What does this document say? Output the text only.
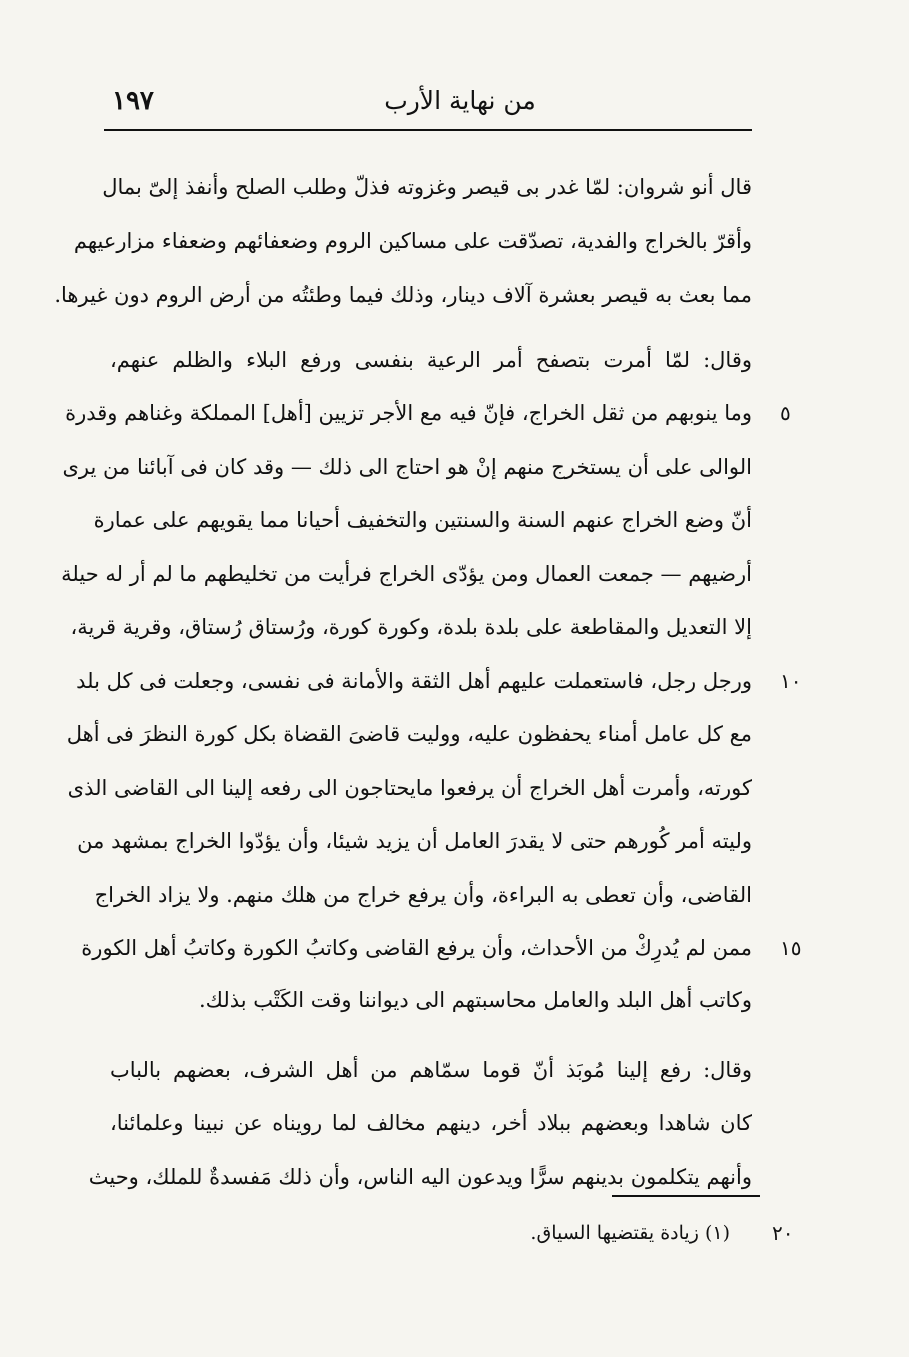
من نهاية الأرب
١٩٧
قال أنو شروان: لمّا غدر بى قيصر وغزوته فذلّ وطلب الصلح وأنفذ إلىّ بمال
وأقرّ بالخراج والفدية، تصدّقت على مساكين الروم وضعفائهم وضعفاء مزارعيهم
مما بعث به قيصر بعشرة آلاف دينار، وذلك فيما وطئتُه من أرض الروم دون غيرها.
وقال: لمّا أمرت بتصفح أمر الرعية بنفسى ورفع البلاء والظلم عنهم،
وما ينوبهم من ثقل الخراج، فإنّ فيه مع الأجر تزيين [أهل] المملكة وغناهم وقدرة
الوالى على أن يستخرج منهم إنْ هو احتاج الى ذلك — وقد كان فى آبائنا من يرى
أنّ وضع الخراج عنهم السنة والسنتين والتخفيف أحيانا مما يقويهم على عمارة
أرضيهم — جمعت العمال ومن يؤدّى الخراج فرأيت من تخليطهم ما لم أر له حيلة
إلا التعديل والمقاطعة على بلدة بلدة، وكورة كورة، ورُستاق رُستاق، وقرية قرية،
ورجل رجل، فاستعملت عليهم أهل الثقة والأمانة فى نفسى، وجعلت فى كل بلد
مع كل عامل أمناء يحفظون عليه، ووليت قاضىَ القضاة بكل كورة النظرَ فى أهل
كورته، وأمرت أهل الخراج أن يرفعوا مايحتاجون الى رفعه إلينا الى القاضى الذى
وليته أمر كُورهم حتى لا يقدرَ العامل أن يزيد شيئا، وأن يؤدّوا الخراج بمشهد من
القاضى، وأن تعطى به البراءة، وأن يرفع خراج من هلك منهم. ولا يزاد الخراج
ممن لم يُدرِكْ من الأحداث، وأن يرفع القاضى وكاتبُ الكورة وكاتبُ أهل الكورة
وكاتب أهل البلد والعامل محاسبتهم الى ديواننا وقت الكَتْب بذلك.
وقال: رفع إلينا مُوبَذ أنّ قوما سمّاهم من أهل الشرف، بعضهم بالباب
كان شاهدا وبعضهم ببلاد أخر، دينهم مخالف لما رويناه عن نبينا وعلمائنا،
وأنهم يتكلمون بدينهم سرًّا ويدعون اليه الناس، وأن ذلك مَفسدةٌ للملك، وحيث
٥
١٠
١٥
(١) زيادة يقتضيها السياق.	٢٠
